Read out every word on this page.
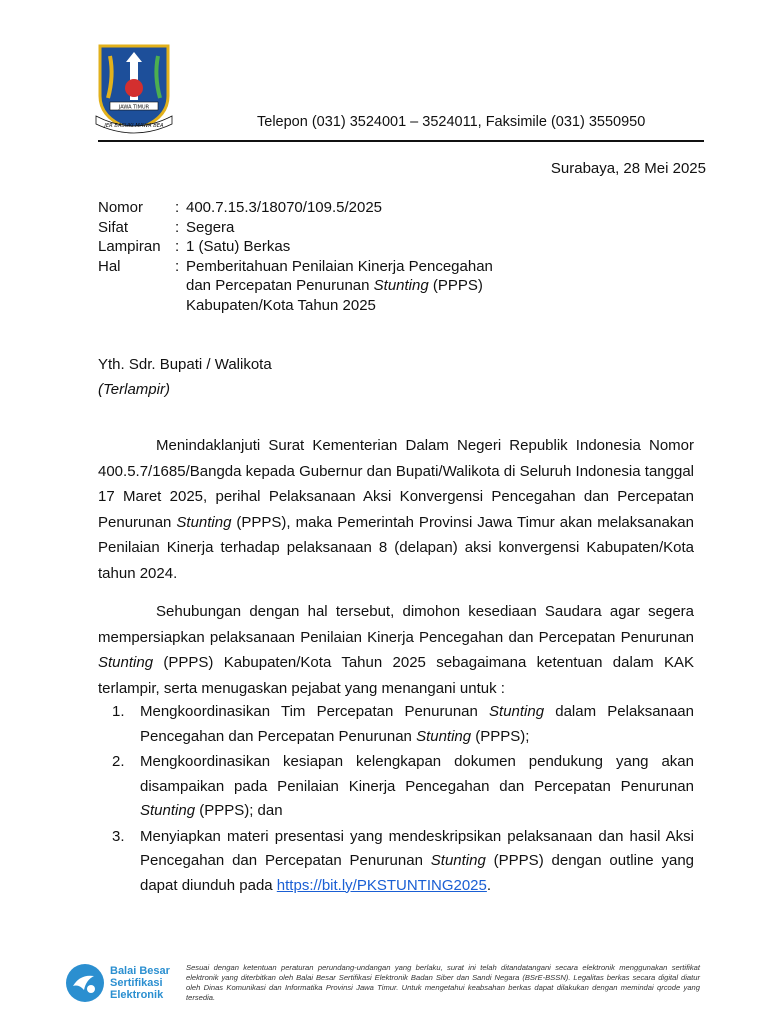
JAWA TIMUR
JER BASUKI MAWA BEA	Telepon (031) 3524001 – 3524011, Faksimile (031) 3550950
Surabaya, 28 Mei 2025
Nomor	: 400.7.15.3/18070/109.5/2025
Sifat	: Segera
Lampiran : 1 (Satu) Berkas
Hal	: Pemberitahuan Penilaian Kinerja Pencegahan
dan Percepatan Penurunan Stunting (PPPS)
Kabupaten/Kota Tahun 2025
Yth. Sdr. Bupati / Walikota
(Terlampir)
Menindaklanjuti Surat Kementerian Dalam Negeri Republik Indonesia Nomor 400.5.7/1685/Bangda kepada Gubernur dan Bupati/Walikota di Seluruh Indonesia tanggal 17 Maret 2025, perihal Pelaksanaan Aksi Konvergensi Pencegahan dan Percepatan Penurunan Stunting (PPPS), maka Pemerintah Provinsi Jawa Timur akan melaksanakan Penilaian Kinerja terhadap pelaksanaan 8 (delapan) aksi konvergensi Kabupaten/Kota tahun 2024.
Sehubungan dengan hal tersebut, dimohon kesediaan Saudara agar segera mempersiapkan pelaksanaan Penilaian Kinerja Pencegahan dan Percepatan Penurunan Stunting (PPPS) Kabupaten/Kota Tahun 2025 sebagaimana ketentuan dalam KAK terlampir, serta menugaskan pejabat yang menangani untuk :
1.	Mengkoordinasikan Tim Percepatan Penurunan Stunting dalam Pelaksanaan Pencegahan dan Percepatan Penurunan Stunting (PPPS);
2.	Mengkoordinasikan kesiapan kelengkapan dokumen pendukung yang akan disampaikan pada Penilaian Kinerja Pencegahan dan Percepatan Penurunan Stunting (PPPS); dan
3.	Menyiapkan materi presentasi yang mendeskripsikan pelaksanaan dan hasil Aksi Pencegahan dan Percepatan Penurunan Stunting (PPPS) dengan outline yang dapat diunduh pada https://bit.ly/PKSTUNTING2025.
Balai Besar
Sertifikasi
Elektronik
Sesuai dengan ketentuan peraturan perundang-undangan yang berlaku, surat ini telah ditandatangani secara elektronik menggunakan sertifikat elektronik yang diterbitkan oleh Balai Besar Sertifikasi Elektronik Badan Siber dan Sandi Negara (BSrE-BSSN). Legalitas berkas secara digital diatur oleh Dinas Komunikasi dan Informatika Provinsi Jawa Timur. Untuk mengetahui keabsahan berkas dapat dilakukan dengan memindai qrcode yang tersedia.
